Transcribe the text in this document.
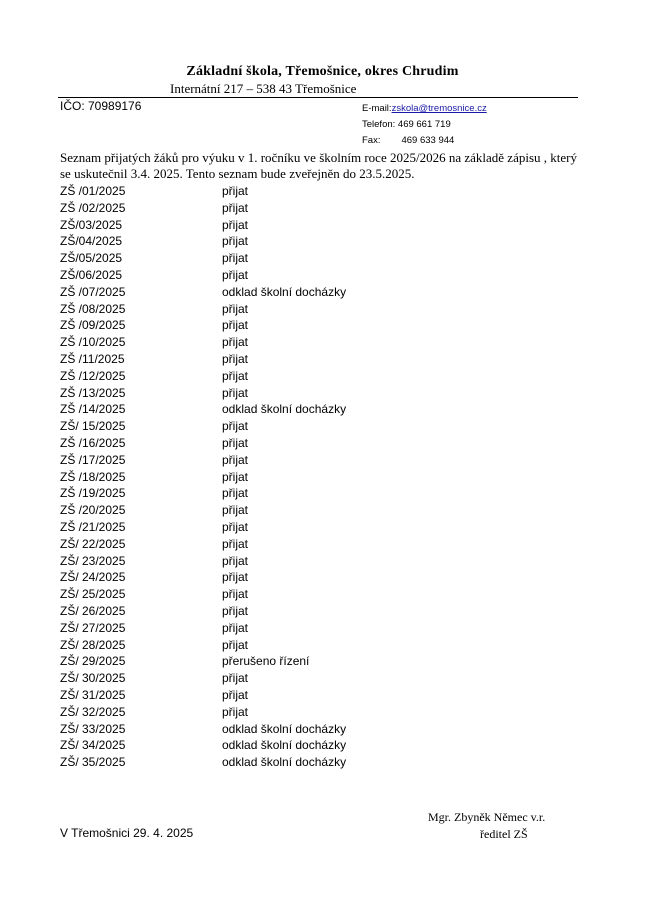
Základní škola, Třemošnice, okres Chrudim
Internátní 217 – 538 43 Třemošnice
IČO: 70989176	E-mail:zskola@tremosnice.cz
Telefon: 469 661 719
Fax: 469 633 944
Seznam přijatých žáků pro výuku v 1. ročníku ve školním roce 2025/2026 na základě zápisu , který se uskutečnil 3.4. 2025. Tento seznam bude zveřejněn do 23.5.2025.
ZŠ /01/2025	přijat
ZŠ /02/2025	přijat
ZŠ/03/2025	přijat
ZŠ/04/2025	přijat
ZŠ/05/2025	přijat
ZŠ/06/2025	přijat
ZŠ /07/2025	odklad školní docházky
ZŠ /08/2025	přijat
ZŠ /09/2025	přijat
ZŠ /10/2025	přijat
ZŠ /11/2025	přijat
ZŠ /12/2025	přijat
ZŠ /13/2025	přijat
ZŠ /14/2025	odklad školní docházky
ZŠ/ 15/2025	přijat
ZŠ /16/2025	přijat
ZŠ /17/2025	přijat
ZŠ /18/2025	přijat
ZŠ /19/2025	přijat
ZŠ /20/2025	přijat
ZŠ /21/2025	přijat
ZŠ/ 22/2025	přijat
ZŠ/ 23/2025	přijat
ZŠ/ 24/2025	přijat
ZŠ/ 25/2025	přijat
ZŠ/ 26/2025	přijat
ZŠ/ 27/2025	přijat
ZŠ/ 28/2025	přijat
ZŠ/ 29/2025	přerušeno řízení
ZŠ/ 30/2025	přijat
ZŠ/ 31/2025	přijat
ZŠ/ 32/2025	přijat
ZŠ/ 33/2025	odklad školní docházky
ZŠ/ 34/2025	odklad školní docházky
ZŠ/ 35/2025	odklad školní docházky
Mgr. Zbyněk Němec v.r.
ředitel ZŠ
V Třemošnici 29. 4. 2025
